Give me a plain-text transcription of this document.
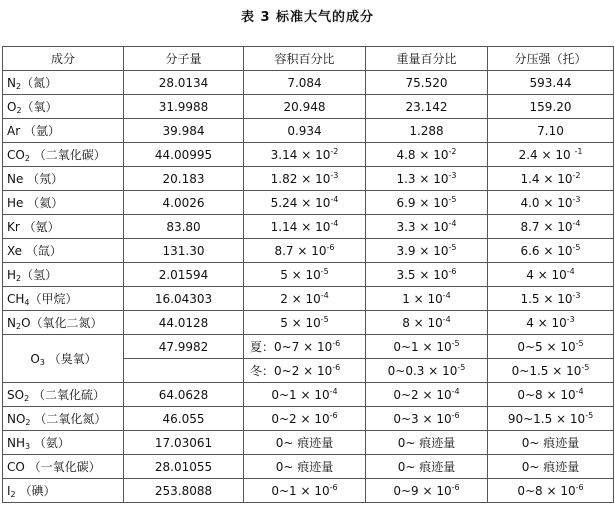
表 3 标准大气的成分
成分	分子量	容积百分比	重量百分比	分压强（托）
$N_2$（氮）	28.0134	7.084	75.520	593.44
$O_2$（氧）	31.9988	20.948	23.142	159.20
Ar （氩）	39.984	0.934	1.288	7.10
$CO_2$ （二氧化碳）	44.00995	$3.14 \times 10^{-2}$	$4.8 \times 10^{-2}$	2.4 × 10 $^{-1}$
Ne （氖）	20.183	$1.82 \times 10^{-3}$	$1.3 \times 10^{-3}$	$1.4 \times 10^{-2}$
He （氦）	4.0026	$5.24 \times 10^{-4}$	$6.9 \times 10^{-5}$	$4.0 \times 10^{-3}$
Kr （氪）	83.80	$1.14 \times 10^{-4}$	$3.3 \times 10^{-4}$	$8.7 \times 10^{-4}$
Xe （氙）	131.30	$8.7 \times 10^{-6}$	$3.9 \times 10^{-5}$	$6.6 \times 10^{-5}$
$H_2$（氢）	2.01594	$5 \times 10^{-5}$	$3.5 \times 10^{-6}$	$4 \times 10^{-4}$
$CH_4$（甲烷）	16.04303	$2 \times 10^{-4}$	$1 \times 10^{-4}$	$1.5 \times 10^{-3}$
$N_2O$（氧化二氮）	44.0128	$5 \times 10^{-5}$	$8 \times 10^{-4}$	$4 \times 10^{-3}$
$O_3$ （臭氧）	47.9982	夏：0~7 × $10^{-6}$	0~1 × $10^{-5}$	0~5 × $10^{-5}$
		冬：0~2 × $10^{-6}$	0~0.3 × $10^{-5}$	0~1.5 × $10^{-5}$
$SO_2$ （二氧化硫）	64.0628	0~1 × $10^{-4}$	0~2 × $10^{-4}$	0~8 × $10^{-4}$
$NO_2$ （二氧化氮）	46.055	0~2 × $10^{-6}$	0~3 × $10^{-6}$	90~1.5 × $10^{-5}$
$NH_3$ （氨）	17.03061	0~ 痕迹量	0~ 痕迹量	0~ 痕迹量
CO （一氧化碳）	28.01055	0~ 痕迹量	0~ 痕迹量	0~ 痕迹量
$I_2$ （碘）	253.8088	0~1 × $10^{-6}$	0~9 × $10^{-6}$	0~8 × $10^{-6}$
